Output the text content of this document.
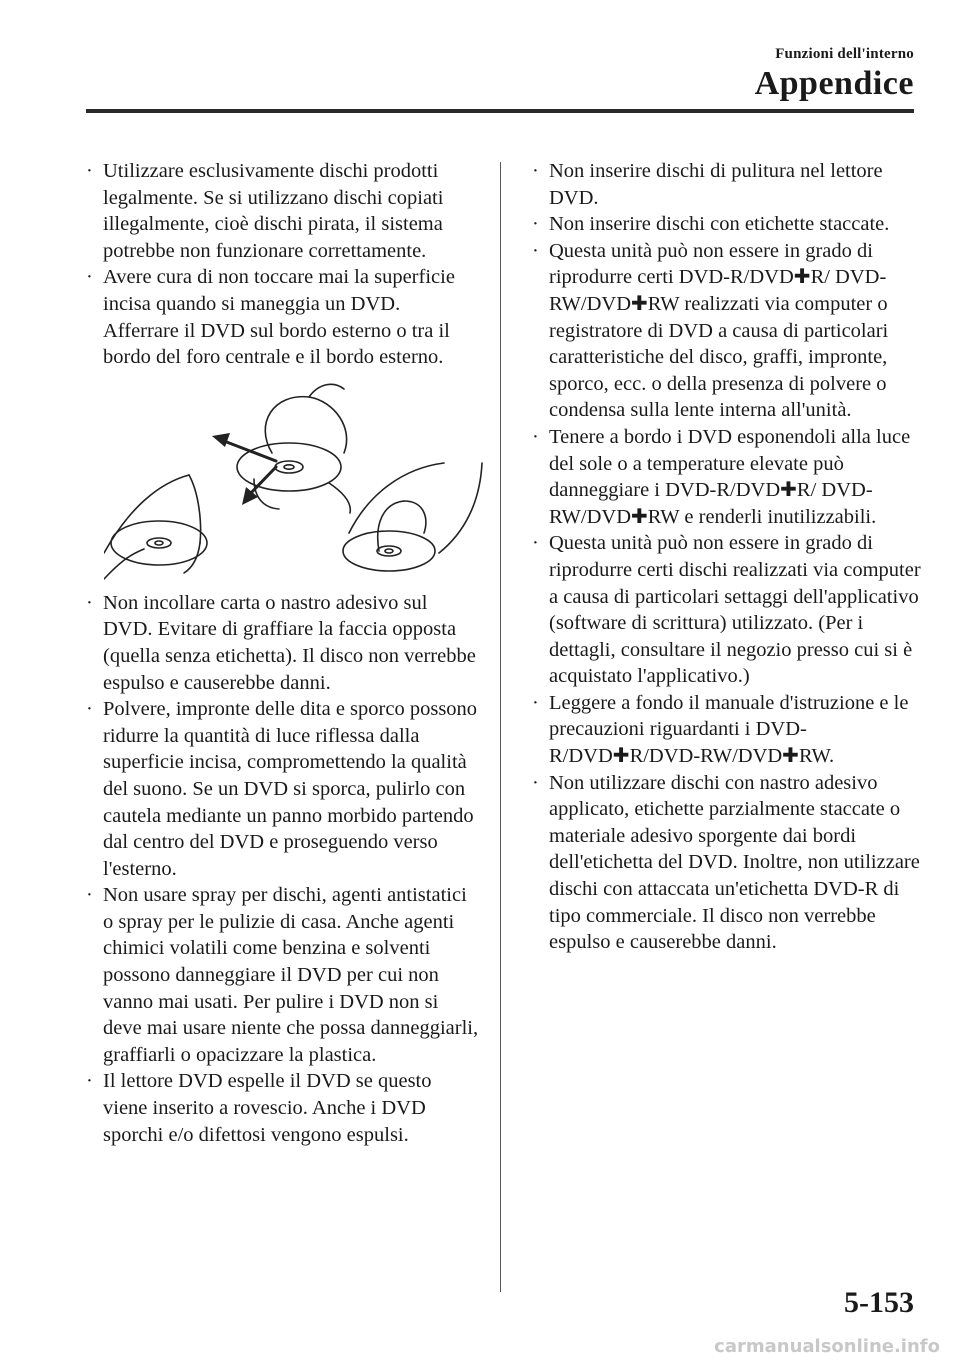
Funzioni dell'interno
Appendice
· Utilizzare esclusivamente dischi prodotti legalmente. Se si utilizzano dischi copiati illegalmente, cioè dischi pirata, il sistema potrebbe non funzionare correttamente.

· Avere cura di non toccare mai la superficie incisa quando si maneggia un DVD. Afferrare il DVD sul bordo esterno o tra il bordo del foro centrale e il bordo esterno.

· Non incollare carta o nastro adesivo sul DVD. Evitare di graffiare la faccia opposta (quella senza etichetta). Il disco non verrebbe espulso e causerebbe danni.

· Polvere, impronte delle dita e sporco possono ridurre la quantità di luce riflessa dalla superficie incisa, compromettendo la qualità del suono. Se un DVD si sporca, pulirlo con cautela mediante un panno morbido partendo dal centro del DVD e proseguendo verso l'esterno.

· Non usare spray per dischi, agenti antistatici o spray per le pulizie di casa. Anche agenti chimici volatili come benzina e solventi possono danneggiare il DVD per cui non vanno mai usati. Per pulire i DVD non si deve mai usare niente che possa danneggiarli, graffiarli o opacizzare la plastica.

· Il lettore DVD espelle il DVD se questo viene inserito a rovescio. Anche i DVD sporchi e/o difettosi vengono espulsi.

· Non inserire dischi di pulitura nel lettore DVD.

· Non inserire dischi con etichette staccate.

· Questa unità può non essere in grado di riprodurre certi DVD-R/DVD✚R/ DVD-RW/DVD✚RW realizzati via computer o registratore di DVD a causa di particolari caratteristiche del disco, graffi, impronte, sporco, ecc. o della presenza di polvere o condensa sulla lente interna all'unità.

· Tenere a bordo i DVD esponendoli alla luce del sole o a temperature elevate può danneggiare i DVD-R/DVD✚R/ DVD-RW/DVD✚RW e renderli inutilizzabili.

· Questa unità può non essere in grado di riprodurre certi dischi realizzati via computer a causa di particolari settaggi dell'applicativo (software di scrittura) utilizzato. (Per i dettagli, consultare il negozio presso cui si è acquistato l'applicativo.)

· Leggere a fondo il manuale d'istruzione e le precauzioni riguardanti i DVD-R/DVD✚R/DVD-RW/DVD✚RW.

· Non utilizzare dischi con nastro adesivo applicato, etichette parzialmente staccate o materiale adesivo sporgente dai bordi dell'etichetta del DVD. Inoltre, non utilizzare dischi con attaccata un'etichetta DVD-R di tipo commerciale. Il disco non verrebbe espulso e causerebbe danni.

5-153
carmanualsonline.info
